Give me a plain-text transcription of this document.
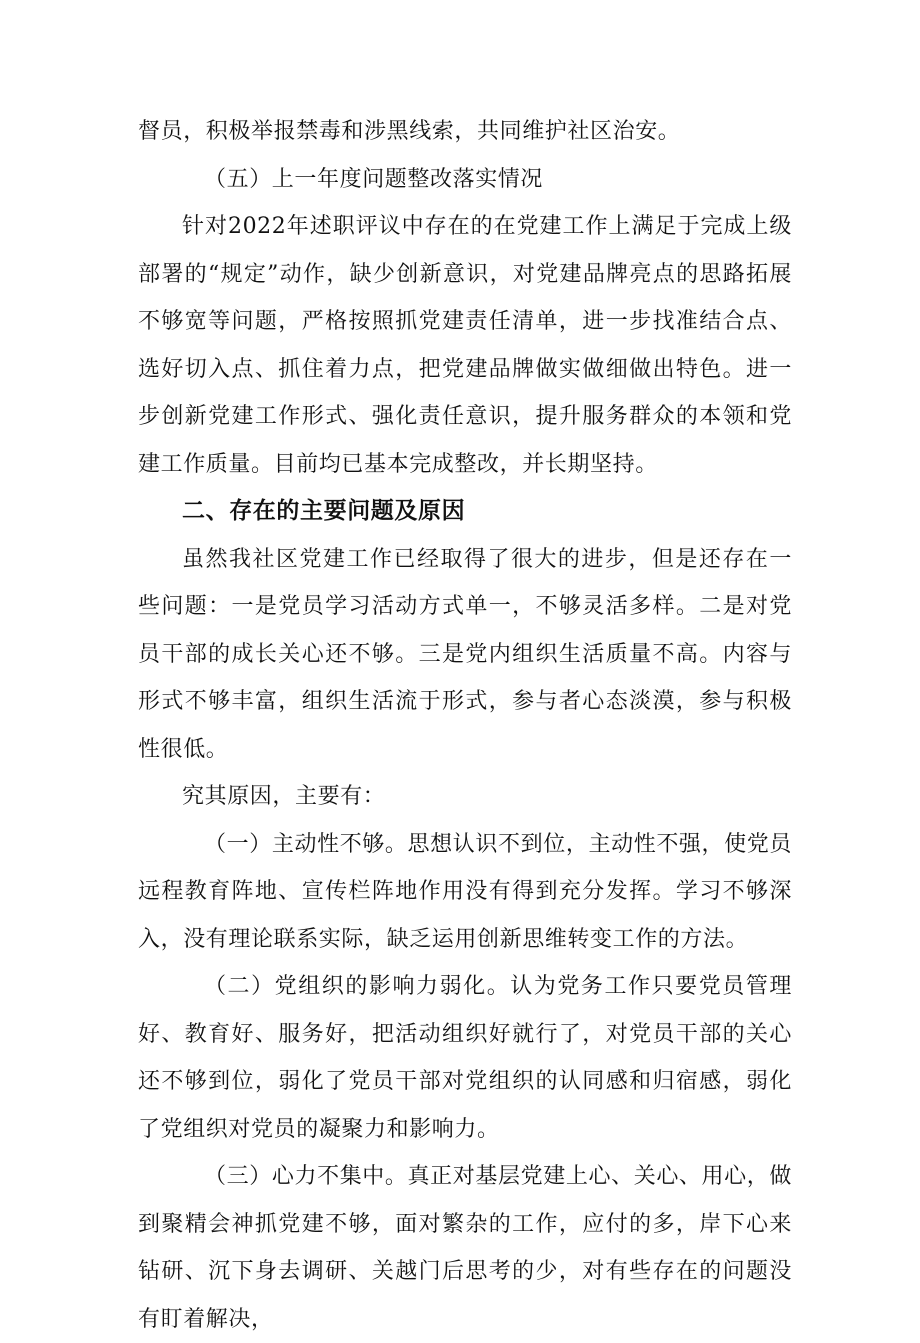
督员，积极举报禁毒和涉黑线索，共同维护社区治安。

（五）上一年度问题整改落实情况

针对2022年述职评议中存在的在党建工作上满足于完成上级部署的“规定”动作，缺少创新意识，对党建品牌亮点的思路拓展不够宽等问题，严格按照抓党建责任清单，进一步找准结合点、选好切入点、抓住着力点，把党建品牌做实做细做出特色。进一步创新党建工作形式、强化责任意识，提升服务群众的本领和党建工作质量。目前均已基本完成整改，并长期坚持。

二、存在的主要问题及原因

虽然我社区党建工作已经取得了很大的进步，但是还存在一些问题：一是党员学习活动方式单一，不够灵活多样。二是对党员干部的成长关心还不够。三是党内组织生活质量不高。内容与形式不够丰富，组织生活流于形式，参与者心态淡漠，参与积极性很低。

究其原因，主要有：

（一）主动性不够。思想认识不到位，主动性不强，使党员远程教育阵地、宣传栏阵地作用没有得到充分发挥。学习不够深入，没有理论联系实际，缺乏运用创新思维转变工作的方法。

（二）党组织的影响力弱化。认为党务工作只要党员管理好、教育好、服务好，把活动组织好就行了，对党员干部的关心还不够到位，弱化了党员干部对党组织的认同感和归宿感，弱化了党组织对党员的凝聚力和影响力。

（三）心力不集中。真正对基层党建上心、关心、用心，做到聚精会神抓党建不够，面对繁杂的工作，应付的多，岸下心来钻研、沉下身去调研、关越门后思考的少，对有些存在的问题没有盯着解决，
